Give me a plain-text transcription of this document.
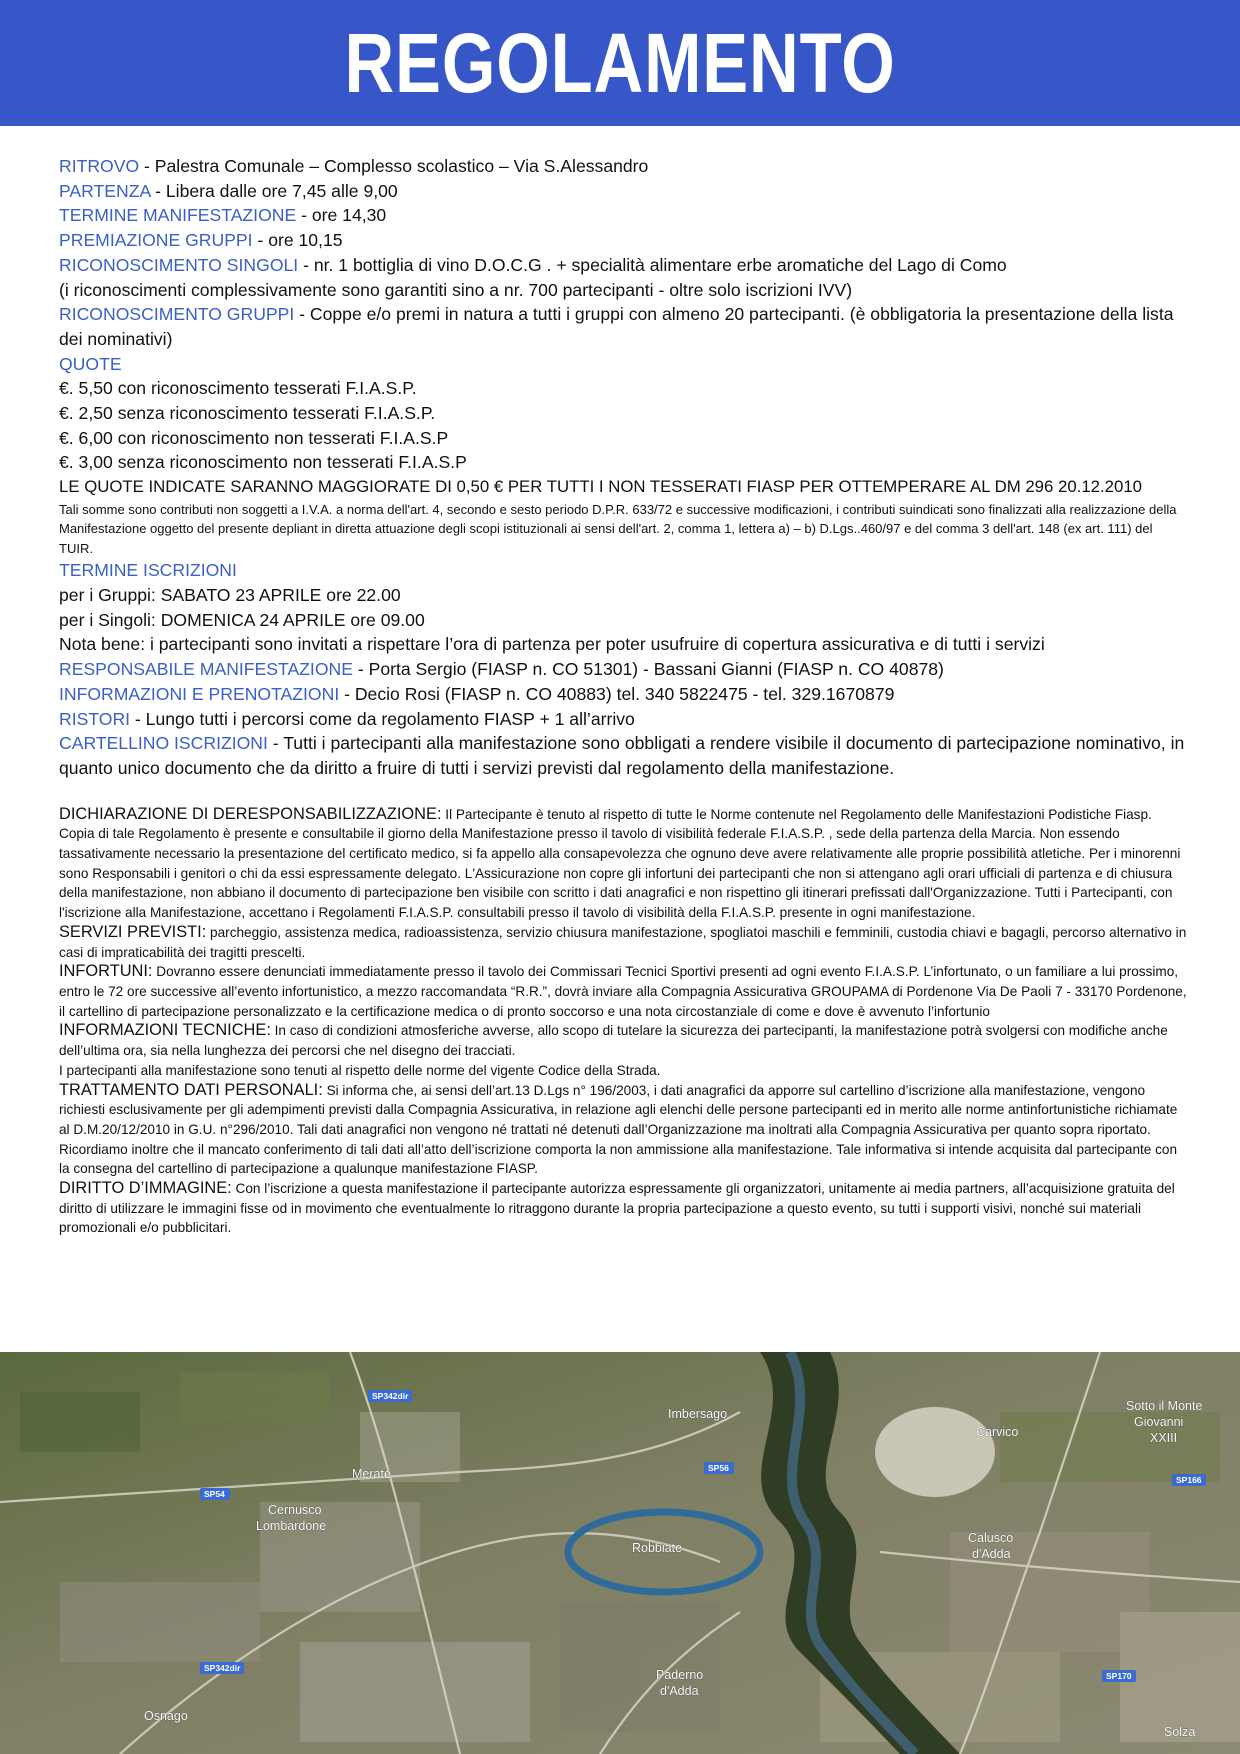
REGOLAMENTO
RITROVO - Palestra Comunale – Complesso scolastico – Via S.Alessandro
PARTENZA - Libera dalle ore 7,45 alle 9,00
TERMINE MANIFESTAZIONE - ore 14,30
PREMIAZIONE GRUPPI - ore 10,15
RICONOSCIMENTO SINGOLI - nr. 1 bottiglia di vino D.O.C.G . + specialità alimentare erbe aromatiche del Lago di Como
(i riconoscimenti complessivamente sono garantiti sino a nr. 700 partecipanti - oltre solo iscrizioni IVV)
RICONOSCIMENTO GRUPPI - Coppe e/o premi in natura a tutti i gruppi con almeno 20 partecipanti. (è obbligatoria la presentazione della lista dei nominativi)
QUOTE
€. 5,50 con riconoscimento tesserati F.I.A.S.P.
€. 2,50 senza riconoscimento tesserati F.I.A.S.P.
€. 6,00 con riconoscimento non tesserati F.I.A.S.P
€. 3,00 senza riconoscimento non tesserati F.I.A.S.P
LE QUOTE INDICATE SARANNO MAGGIORATE DI 0,50 € PER TUTTI I NON TESSERATI FIASP PER OTTEMPERARE AL DM 296 20.12.2010
Tali somme sono contributi non soggetti a I.V.A. a norma dell'art. 4, secondo e sesto periodo D.P.R. 633/72 e successive modificazioni, i contributi suindicati sono finalizzati alla realizzazione della Manifestazione oggetto del presente depliant in diretta attuazione degli scopi istituzionali ai sensi dell'art. 2, comma 1, lettera a) – b) D.Lgs..460/97 e del comma 3 dell'art. 148 (ex art. 111) del TUIR.
TERMINE ISCRIZIONI
per i Gruppi: SABATO 23 APRILE ore 22.00
per i Singoli: DOMENICA 24 APRILE ore 09.00
Nota bene: i partecipanti sono invitati a rispettare l’ora di partenza per poter usufruire di copertura assicurativa e di tutti i servizi
RESPONSABILE MANIFESTAZIONE - Porta Sergio (FIASP n. CO 51301) - Bassani Gianni (FIASP n. CO 40878)
INFORMAZIONI E PRENOTAZIONI - Decio Rosi (FIASP n. CO 40883) tel. 340 5822475 - tel. 329.1670879
RISTORI - Lungo tutti i percorsi come da regolamento FIASP + 1 all’arrivo
CARTELLINO ISCRIZIONI - Tutti i partecipanti alla manifestazione sono obbligati a rendere visibile il documento di partecipazione nominativo, in quanto unico documento che da diritto a fruire di tutti i servizi previsti dal regolamento della manifestazione.

DICHIARAZIONE DI DERESPONSABILIZZAZIONE: Il Partecipante è tenuto al rispetto di tutte le Norme contenute nel Regolamento delle Manifestazioni Podistiche Fiasp. Copia di tale Regolamento è presente e consultabile il giorno della Manifestazione presso il tavolo di visibilità federale F.I.A.S.P. , sede della partenza della Marcia. Non essendo tassativamente necessario la presentazione del certificato medico, si fa appello alla consapevolezza che ognuno deve avere relativamente alle proprie possibilità atletiche. Per i minorenni sono Responsabili i genitori o chi da essi espressamente delegato. L'Assicurazione non copre gli infortuni dei partecipanti che non si attengano agli orari ufficiali di partenza e di chiusura della manifestazione, non abbiano il documento di partecipazione ben visibile con scritto i dati anagrafici e non rispettino gli itinerari prefissati dall'Organizzazione. Tutti i Partecipanti, con l'iscrizione alla Manifestazione, accettano i Regolamenti F.I.A.S.P. consultabili presso il tavolo di visibilità della F.I.A.S.P. presente in ogni manifestazione.

SERVIZI PREVISTI: parcheggio, assistenza medica, radioassistenza, servizio chiusura manifestazione, spogliatoi maschili e femminili, custodia chiavi e bagagli, percorso alternativo in casi di impraticabilità dei tragitti prescelti.

INFORTUNI: Dovranno essere denunciati immediatamente presso il tavolo dei Commissari Tecnici Sportivi presenti ad ogni evento F.I.A.S.P. L’infortunato, o un familiare a lui prossimo, entro le 72 ore successive all’evento infortunistico, a mezzo raccomandata “R.R.”, dovrà inviare alla Compagnia Assicurativa GROUPAMA di Pordenone Via De Paoli 7 - 33170 Pordenone, il cartellino di partecipazione personalizzato e la certificazione medica o di pronto soccorso e una nota circostanziale di come e dove è avvenuto l’infortunio

INFORMAZIONI TECNICHE: In caso di condizioni atmosferiche avverse, allo scopo di tutelare la sicurezza dei partecipanti, la manifestazione potrà svolgersi con modifiche anche dell’ultima ora, sia nella lunghezza dei percorsi che nel disegno dei tracciati.
I partecipanti alla manifestazione sono tenuti al rispetto delle norme del vigente Codice della Strada.

TRATTAMENTO DATI PERSONALI: Si informa che, ai sensi dell’art.13 D.Lgs n° 196/2003, i dati anagrafici da apporre sul cartellino d’iscrizione alla manifestazione, vengono richiesti esclusivamente per gli adempimenti previsti dalla Compagnia Assicurativa, in relazione agli elenchi delle persone partecipanti ed in merito alle norme antinfortunistiche richiamate al D.M.20/12/2010 in G.U. n°296/2010. Tali dati anagrafici non vengono né trattati né detenuti dall’Organizzazione ma inoltrati alla Compagnia Assicurativa per quanto sopra riportato. Ricordiamo inoltre che il mancato conferimento di tali dati all’atto dell’iscrizione comporta la non ammissione alla manifestazione. Tale informativa si intende acquisita dal partecipante con la consegna del cartellino di partecipazione a qualunque manifestazione FIASP.

DIRITTO D’IMMAGINE: Con l’iscrizione a questa manifestazione il partecipante autorizza espressamente gli organizzatori, unitamente ai media partners, all’acquisizione gratuita del diritto di utilizzare le immagini fisse od in movimento che eventualmente lo ritraggono durante la propria partecipazione a questo evento, su tutti i supporti visivi, nonché sui materiali promozionali e/o pubblicitari.

Imbersago
Carvico
Sotto il Monte
Giovanni
XXIII
Merate
Cernusco
Lombardone
Robbiate
Calusco
d'Adda
Paderno
d'Adda
Osnago
Solza
SP342dir
SP56
SP54
SP166
SP342dir
SP170
